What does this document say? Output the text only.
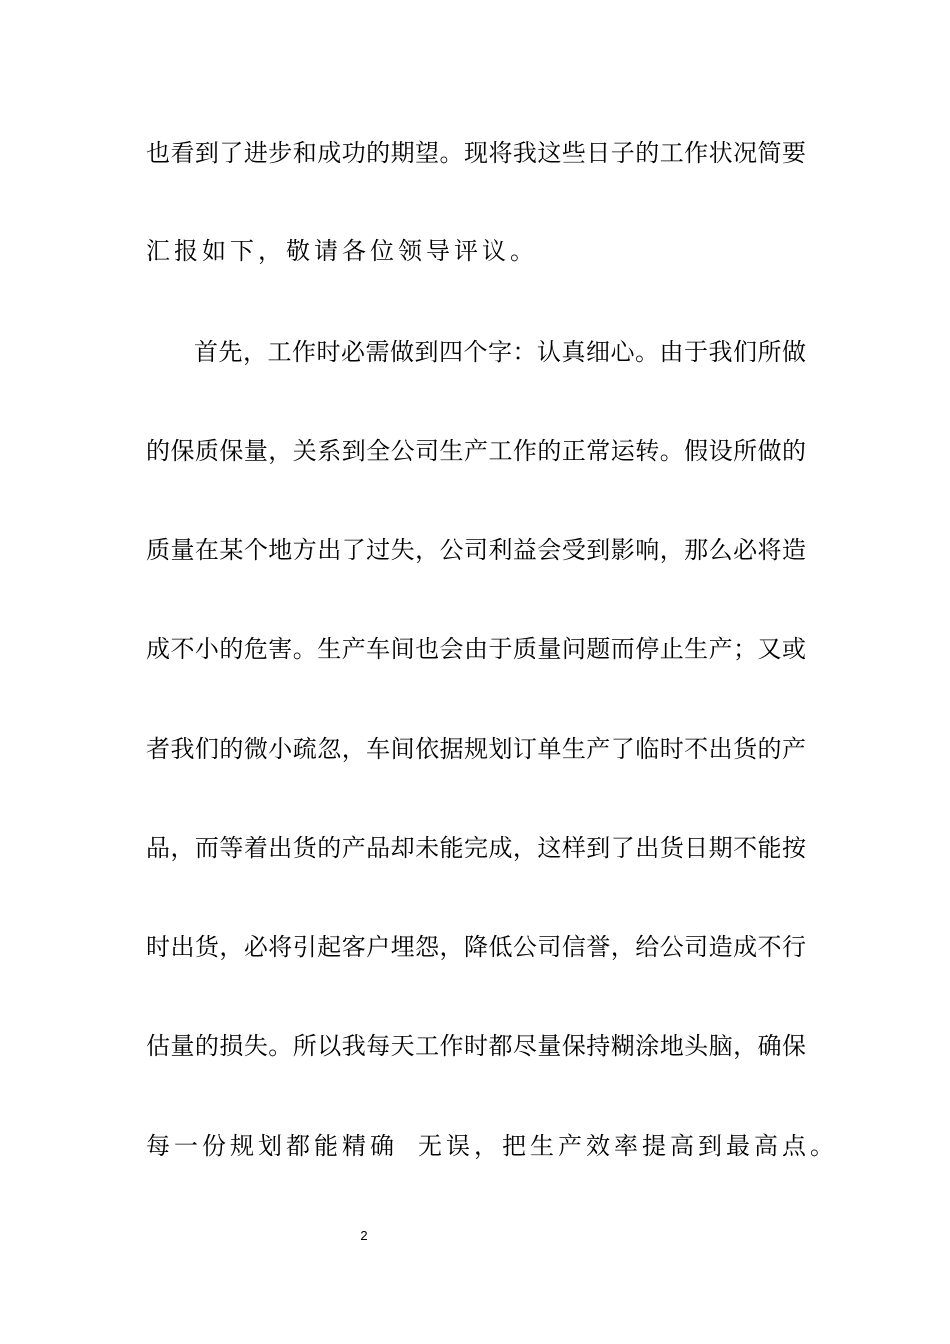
也看到了进步和成功的期望。现将我这些日子的工作状况简要
汇报如下，敬请各位领导评议。
首先，工作时必需做到四个字：认真细心。由于我们所做
的保质保量，关系到全公司生产工作的正常运转。假设所做的
质量在某个地方出了过失，公司利益会受到影响，那么必将造
成不小的危害。生产车间也会由于质量问题而停止生产；又或
者我们的微小疏忽，车间依据规划订单生产了临时不出货的产
品，而等着出货的产品却未能完成，这样到了出货日期不能按
时出货，必将引起客户埋怨，降低公司信誉，给公司造成不行
估量的损失。所以我每天工作时都尽量保持糊涂地头脑，确保
每一份规划都能精确 无误，把生产效率提高到最高点。
2
